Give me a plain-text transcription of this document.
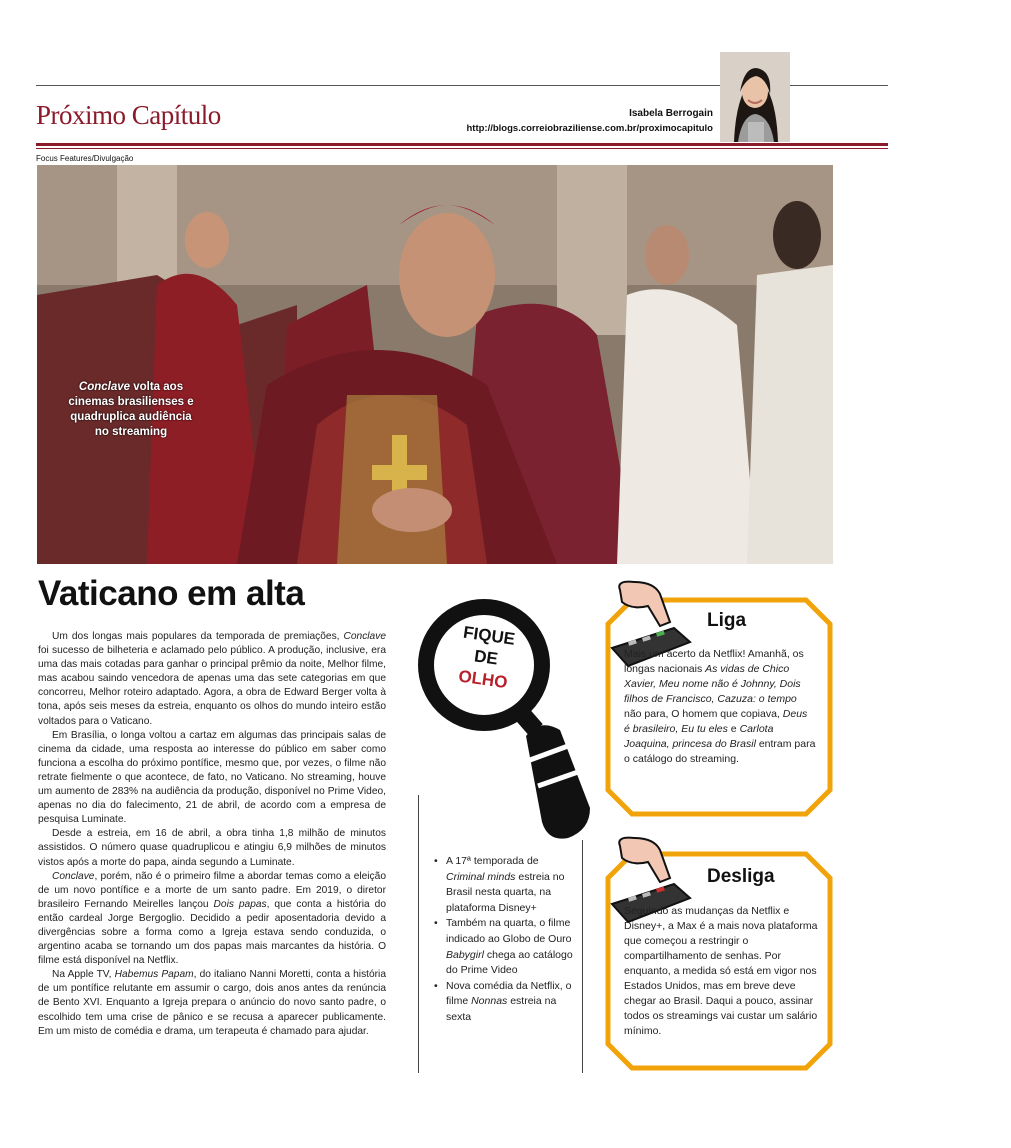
Próximo Capítulo	Isabela Berrogain
http://blogs.correiobraziliense.com.br/proximocapitulo
Focus Features/Divulgação
Conclave volta aos cinemas brasilienses e quadruplica audiência no streaming
Vaticano em alta

Um dos longas mais populares da temporada de premiações, Conclave foi sucesso de bilheteria e aclamado pelo público. A produção, inclusive, era uma das mais cotadas para ganhar o principal prêmio da noite, Melhor filme, mas acabou saindo vencedora de apenas uma das sete categorias em que concorreu, Melhor roteiro adaptado. Agora, a obra de Edward Berger volta à tona, após seis meses da estreia, enquanto os olhos do mundo inteiro estão voltados para o Vaticano.

Em Brasília, o longa voltou a cartaz em algumas das principais salas de cinema da cidade, uma resposta ao interesse do público em saber como funciona a escolha do próximo pontífice, mesmo que, por vezes, o filme não retrate fielmente o que acontece, de fato, no Vaticano. No streaming, houve um aumento de 283% na audiência da produção, disponível no Prime Video, apenas no dia do falecimento, 21 de abril, de acordo com a empresa de pesquisa Luminate.

Desde a estreia, em 16 de abril, a obra tinha 1,8 milhão de minutos assistidos. O número quase quadruplicou e atingiu 6,9 milhões de minutos vistos após a morte do papa, ainda segundo a Luminate.

Conclave, porém, não é o primeiro filme a abordar temas como a eleição de um novo pontífice e a morte de um santo padre. Em 2019, o diretor brasileiro Fernando Meirelles lançou Dois papas, que conta a história do então cardeal Jorge Bergoglio. Decidido a pedir aposentadoria devido a divergências sobre a forma como a Igreja estava sendo conduzida, o argentino acaba se tornando um dos papas mais marcantes da história. O filme está disponível na Netflix.

Na Apple TV, Habemus Papam, do italiano Nanni Moretti, conta a história de um pontífice relutante em assumir o cargo, dois anos antes da renúncia de Bento XVI. Enquanto a Igreja prepara o anúncio do novo santo padre, o escolhido tem uma crise de pânico e se recusa a aparecer publicamente. Em um misto de comédia e drama, um terapeuta é chamado para ajudar.

FIQUE
DE
OLHO
• A 17ª temporada de Criminal minds estreia no Brasil nesta quarta, na plataforma Disney+
• Também na quarta, o filme indicado ao Globo de Ouro Babygirl chega ao catálogo do Prime Video
• Nova comédia da Netflix, o filme Nonnas estreia na sexta
Liga
Mais um acerto da Netflix! Amanhã, os longas nacionais As vidas de Chico Xavier, Meu nome não é Johnny, Dois filhos de Francisco, Cazuza: o tempo não para, O homem que copiava, Deus é brasileiro, Eu tu eles e Carlota Joaquina, princesa do Brasil entram para o catálogo do streaming.
Desliga
Seguindo as mudanças da Netflix e Disney+, a Max é a mais nova plataforma que começou a restringir o compartilhamento de senhas. Por enquanto, a medida só está em vigor nos Estados Unidos, mas em breve deve chegar ao Brasil. Daqui a pouco, assinar todos os streamings vai custar um salário mínimo.
